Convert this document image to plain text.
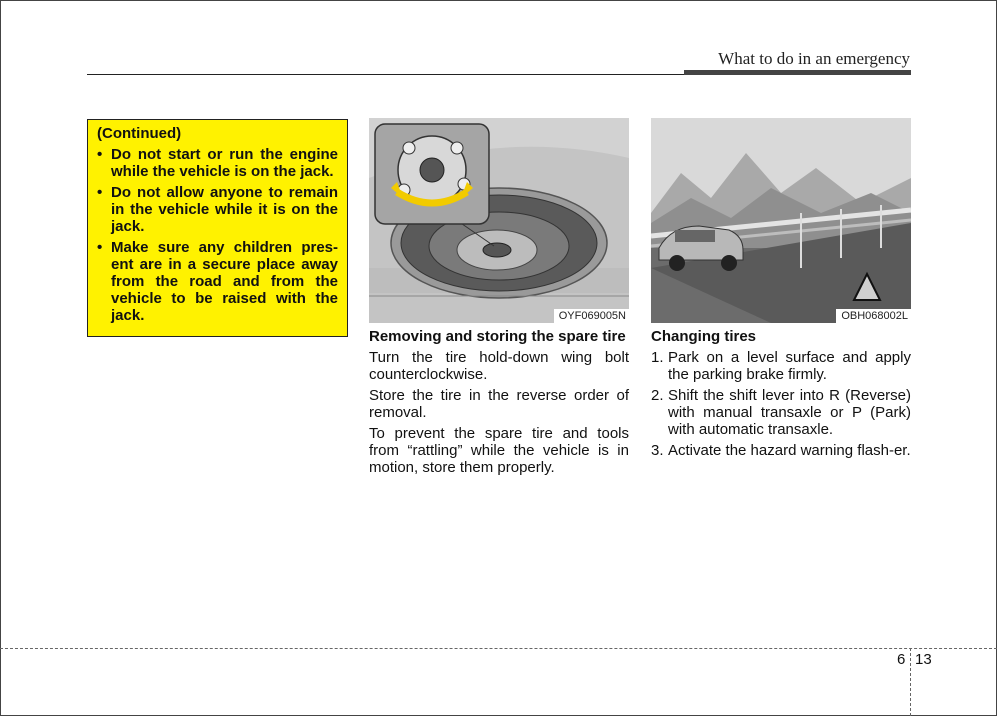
What to do in an emergency
(Continued)
• Do not start or run the engine while the vehicle is on the jack.
• Do not allow anyone to remain in the vehicle while it is on the jack.
• Make sure any children pres-ent are in a secure place away from the road and from the vehicle to be raised with the jack.	OYF069005N	OBH068002L
Removing and storing the spare tire

Turn the tire hold-down wing bolt counterclockwise.

Store the tire in the reverse order of removal.

To prevent the spare tire and tools from “rattling” while the vehicle is in motion, store them properly.

Changing tires
1. Park on a level surface and apply the parking brake firmly.
2. Shift the shift lever into R (Reverse) with manual transaxle or P (Park) with automatic transaxle.
3. Activate the hazard warning flash-er.
6 13
